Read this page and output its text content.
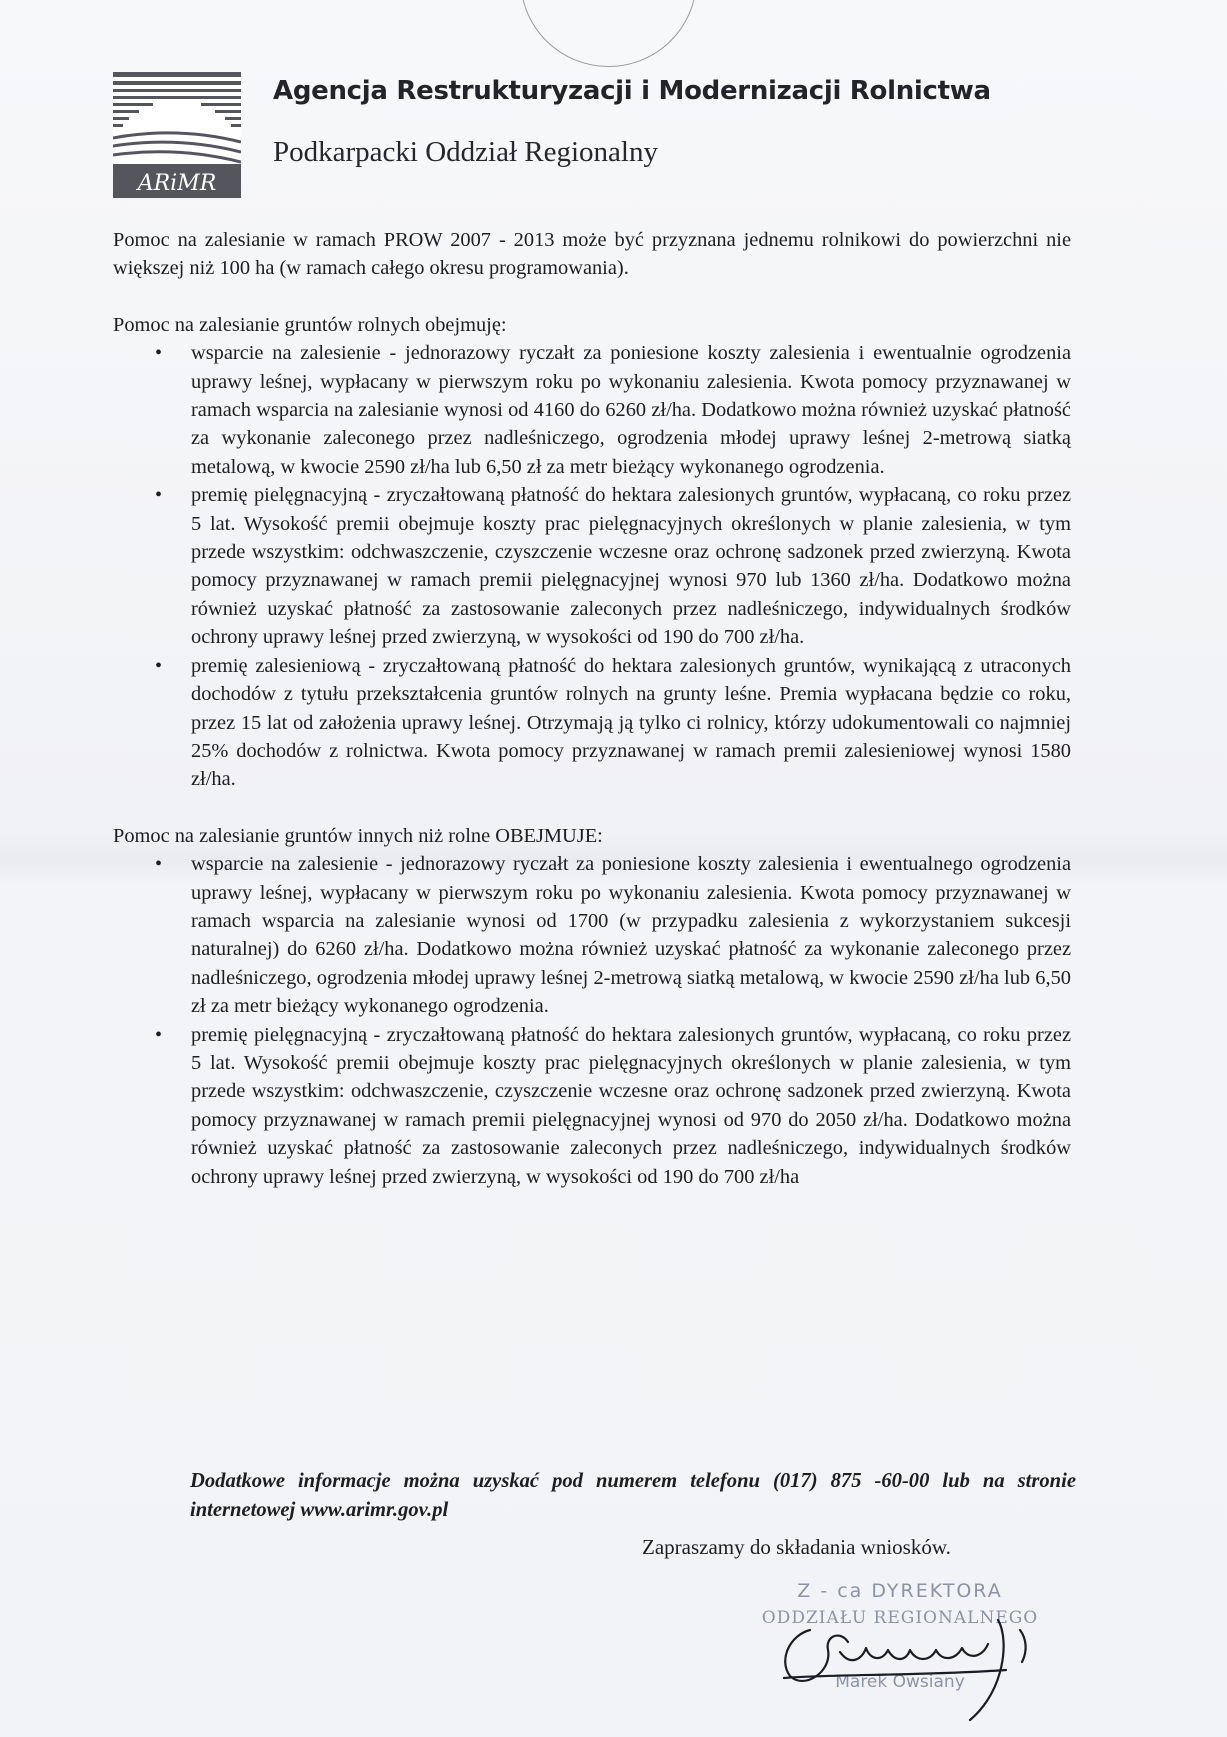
ARiMR
Agencja Restrukturyzacji i Modernizacji Rolnictwa
Podkarpacki Oddział Regionalny

Pomoc na zalesianie w ramach PROW 2007 - 2013 może być przyznana jednemu rolnikowi do powierzchni nie większej niż 100 ha (w ramach całego okresu programowania).

Pomoc na zalesianie gruntów rolnych obejmuję:

• wsparcie na zalesienie - jednorazowy ryczałt za poniesione koszty zalesienia i ewentualnie ogrodzenia uprawy leśnej, wypłacany w pierwszym roku po wykonaniu zalesienia. Kwota pomocy przyznawanej w ramach wsparcia na zalesianie wynosi od 4160 do 6260 zł/ha. Dodatkowo można również uzyskać płatność za wykonanie zaleconego przez nadleśniczego, ogrodzenia młodej uprawy leśnej 2-metrową siatką metalową, w kwocie 2590 zł/ha lub 6,50 zł za metr bieżący wykonanego ogrodzenia.
• premię pielęgnacyjną - zryczałtowaną płatność do hektara zalesionych gruntów, wypłacaną, co roku przez 5 lat. Wysokość premii obejmuje koszty prac pielęgnacyjnych określonych w planie zalesienia, w tym przede wszystkim: odchwaszczenie, czyszczenie wczesne oraz ochronę sadzonek przed zwierzyną. Kwota pomocy przyznawanej w ramach premii pielęgnacyjnej wynosi 970 lub 1360 zł/ha. Dodatkowo można również uzyskać płatność za zastosowanie zaleconych przez nadleśniczego, indywidualnych środków ochrony uprawy leśnej przed zwierzyną, w wysokości od 190 do 700 zł/ha.
• premię zalesieniową - zryczałtowaną płatność do hektara zalesionych gruntów, wynikającą z utraconych dochodów z tytułu przekształcenia gruntów rolnych na grunty leśne. Premia wypłacana będzie co roku, przez 15 lat od założenia uprawy leśnej. Otrzymają ją tylko ci rolnicy, którzy udokumentowali co najmniej 25% dochodów z rolnictwa. Kwota pomocy przyznawanej w ramach premii zalesieniowej wynosi 1580 zł/ha.

Pomoc na zalesianie gruntów innych niż rolne OBEJMUJE:

• wsparcie na zalesienie - jednorazowy ryczałt za poniesione koszty zalesienia i ewentualnego ogrodzenia uprawy leśnej, wypłacany w pierwszym roku po wykonaniu zalesienia. Kwota pomocy przyznawanej w ramach wsparcia na zalesianie wynosi od 1700 (w przypadku zalesienia z wykorzystaniem sukcesji naturalnej) do 6260 zł/ha. Dodatkowo można również uzyskać płatność za wykonanie zaleconego przez nadleśniczego, ogrodzenia młodej uprawy leśnej 2-metrową siatką metalową, w kwocie 2590 zł/ha lub 6,50 zł za metr bieżący wykonanego ogrodzenia.
• premię pielęgnacyjną - zryczałtowaną płatność do hektara zalesionych gruntów, wypłacaną, co roku przez 5 lat. Wysokość premii obejmuje koszty prac pielęgnacyjnych określonych w planie zalesienia, w tym przede wszystkim: odchwaszczenie, czyszczenie wczesne oraz ochronę sadzonek przed zwierzyną. Kwota pomocy przyznawanej w ramach premii pielęgnacyjnej wynosi od 970 do 2050 zł/ha. Dodatkowo można również uzyskać płatność za zastosowanie zaleconych przez nadleśniczego, indywidualnych środków ochrony uprawy leśnej przed zwierzyną, w wysokości od 190 do 700 zł/ha

Dodatkowe informacje można uzyskać pod numerem telefonu (017) 875 -60-00 lub na stronie internetowej www.arimr.gov.pl

Zapraszamy do składania wniosków.
Z - ca DYREKTORA
ODDZIAŁU REGIONALNEGO
Marek Owsiany
